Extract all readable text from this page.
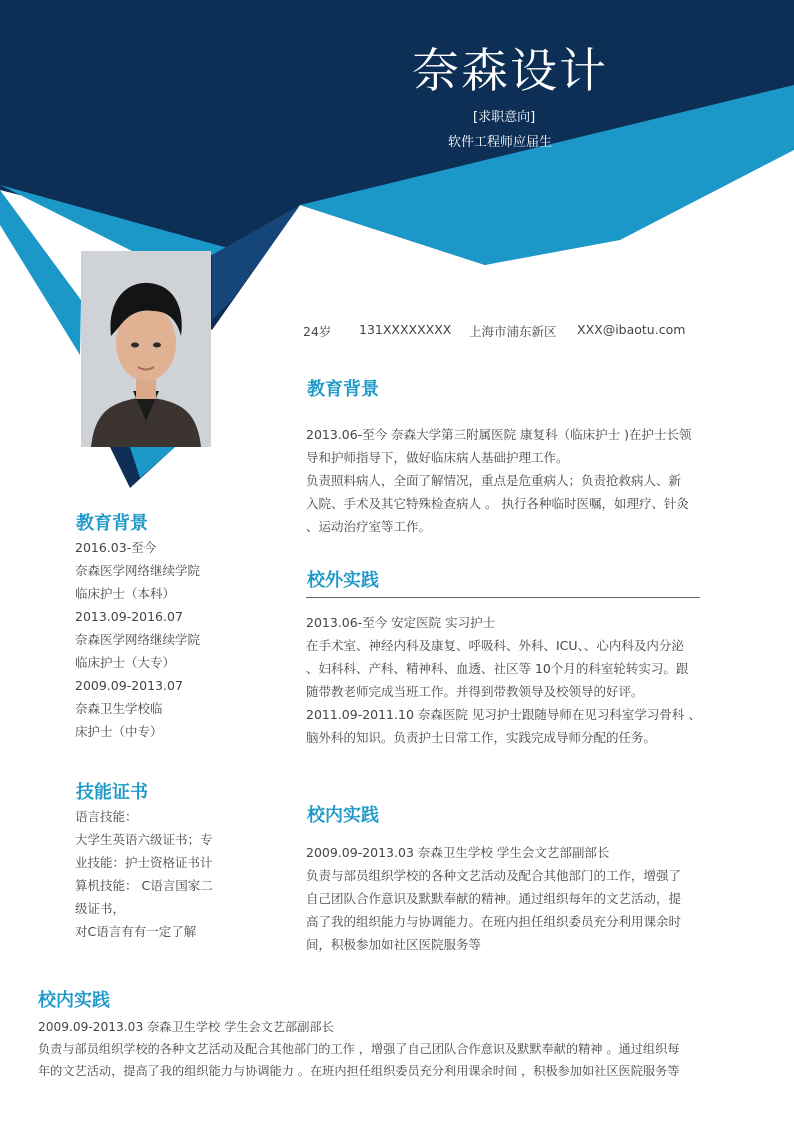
奈森设计
[求职意向]
软件工程师应届生
24岁 131XXXXXXXX 上海市浦东新区 XXX@ibaotu.com
教育背景
2013.06-至今 奈森大学第三附属医院 康复科（临床护士 )在护士长领
导和护师指导下，做好临床病人基础护理工作。
负责照料病人，全面了解情况，重点是危重病人；负责抢救病人、新
入院、手术及其它特殊检查病人 。 执行各种临时医嘱，如理疗、针灸
、运动治疗室等工作。
校外实践
2013.06-至今 安定医院 实习护士
在手术室、神经内科及康复、呼吸科、外科、ICU、、心内科及内分泌
、妇科科、产科、精神科、血透、社区等 10个月的科室轮转实习。跟
随带教老师完成当班工作。并得到带教领导及校领导的好评。
2011.09-2011.10 奈森医院 见习护士跟随导师在见习科室学习骨科 、
脑外科的知识。负责护士日常工作，实践完成导师分配的任务。
校内实践
2009.09-2013.03 奈森卫生学校 学生会文艺部副部长
负责与部员组织学校的各种文艺活动及配合其他部门的工作，增强了
自己团队合作意识及默默奉献的精神。通过组织每年的文艺活动，提
高了我的组织能力与协调能力。在班内担任组织委员充分利用课余时
间，积极参加如社区医院服务等
教育背景
2016.03-至今
奈森医学网络继续学院
临床护士（本科）
2013.09-2016.07
奈森医学网络继续学院
临床护士（大专）
2009.09-2013.07
奈森卫生学校临
床护士（中专）
技能证书
语言技能：
大学生英语六级证书；专
业技能：护士资格证书计
算机技能： C语言国家二
级证书，
对C语言有有一定了解
校内实践
2009.09-2013.03 奈森卫生学校 学生会文艺部副部长
负责与部员组织学校的各种文艺活动及配合其他部门的工作 ，增强了自己团队合作意识及默默奉献的精神 。通过组织每
年的文艺活动，提高了我的组织能力与协调能力 。在班内担任组织委员充分利用课余时间 ，积极参加如社区医院服务等
